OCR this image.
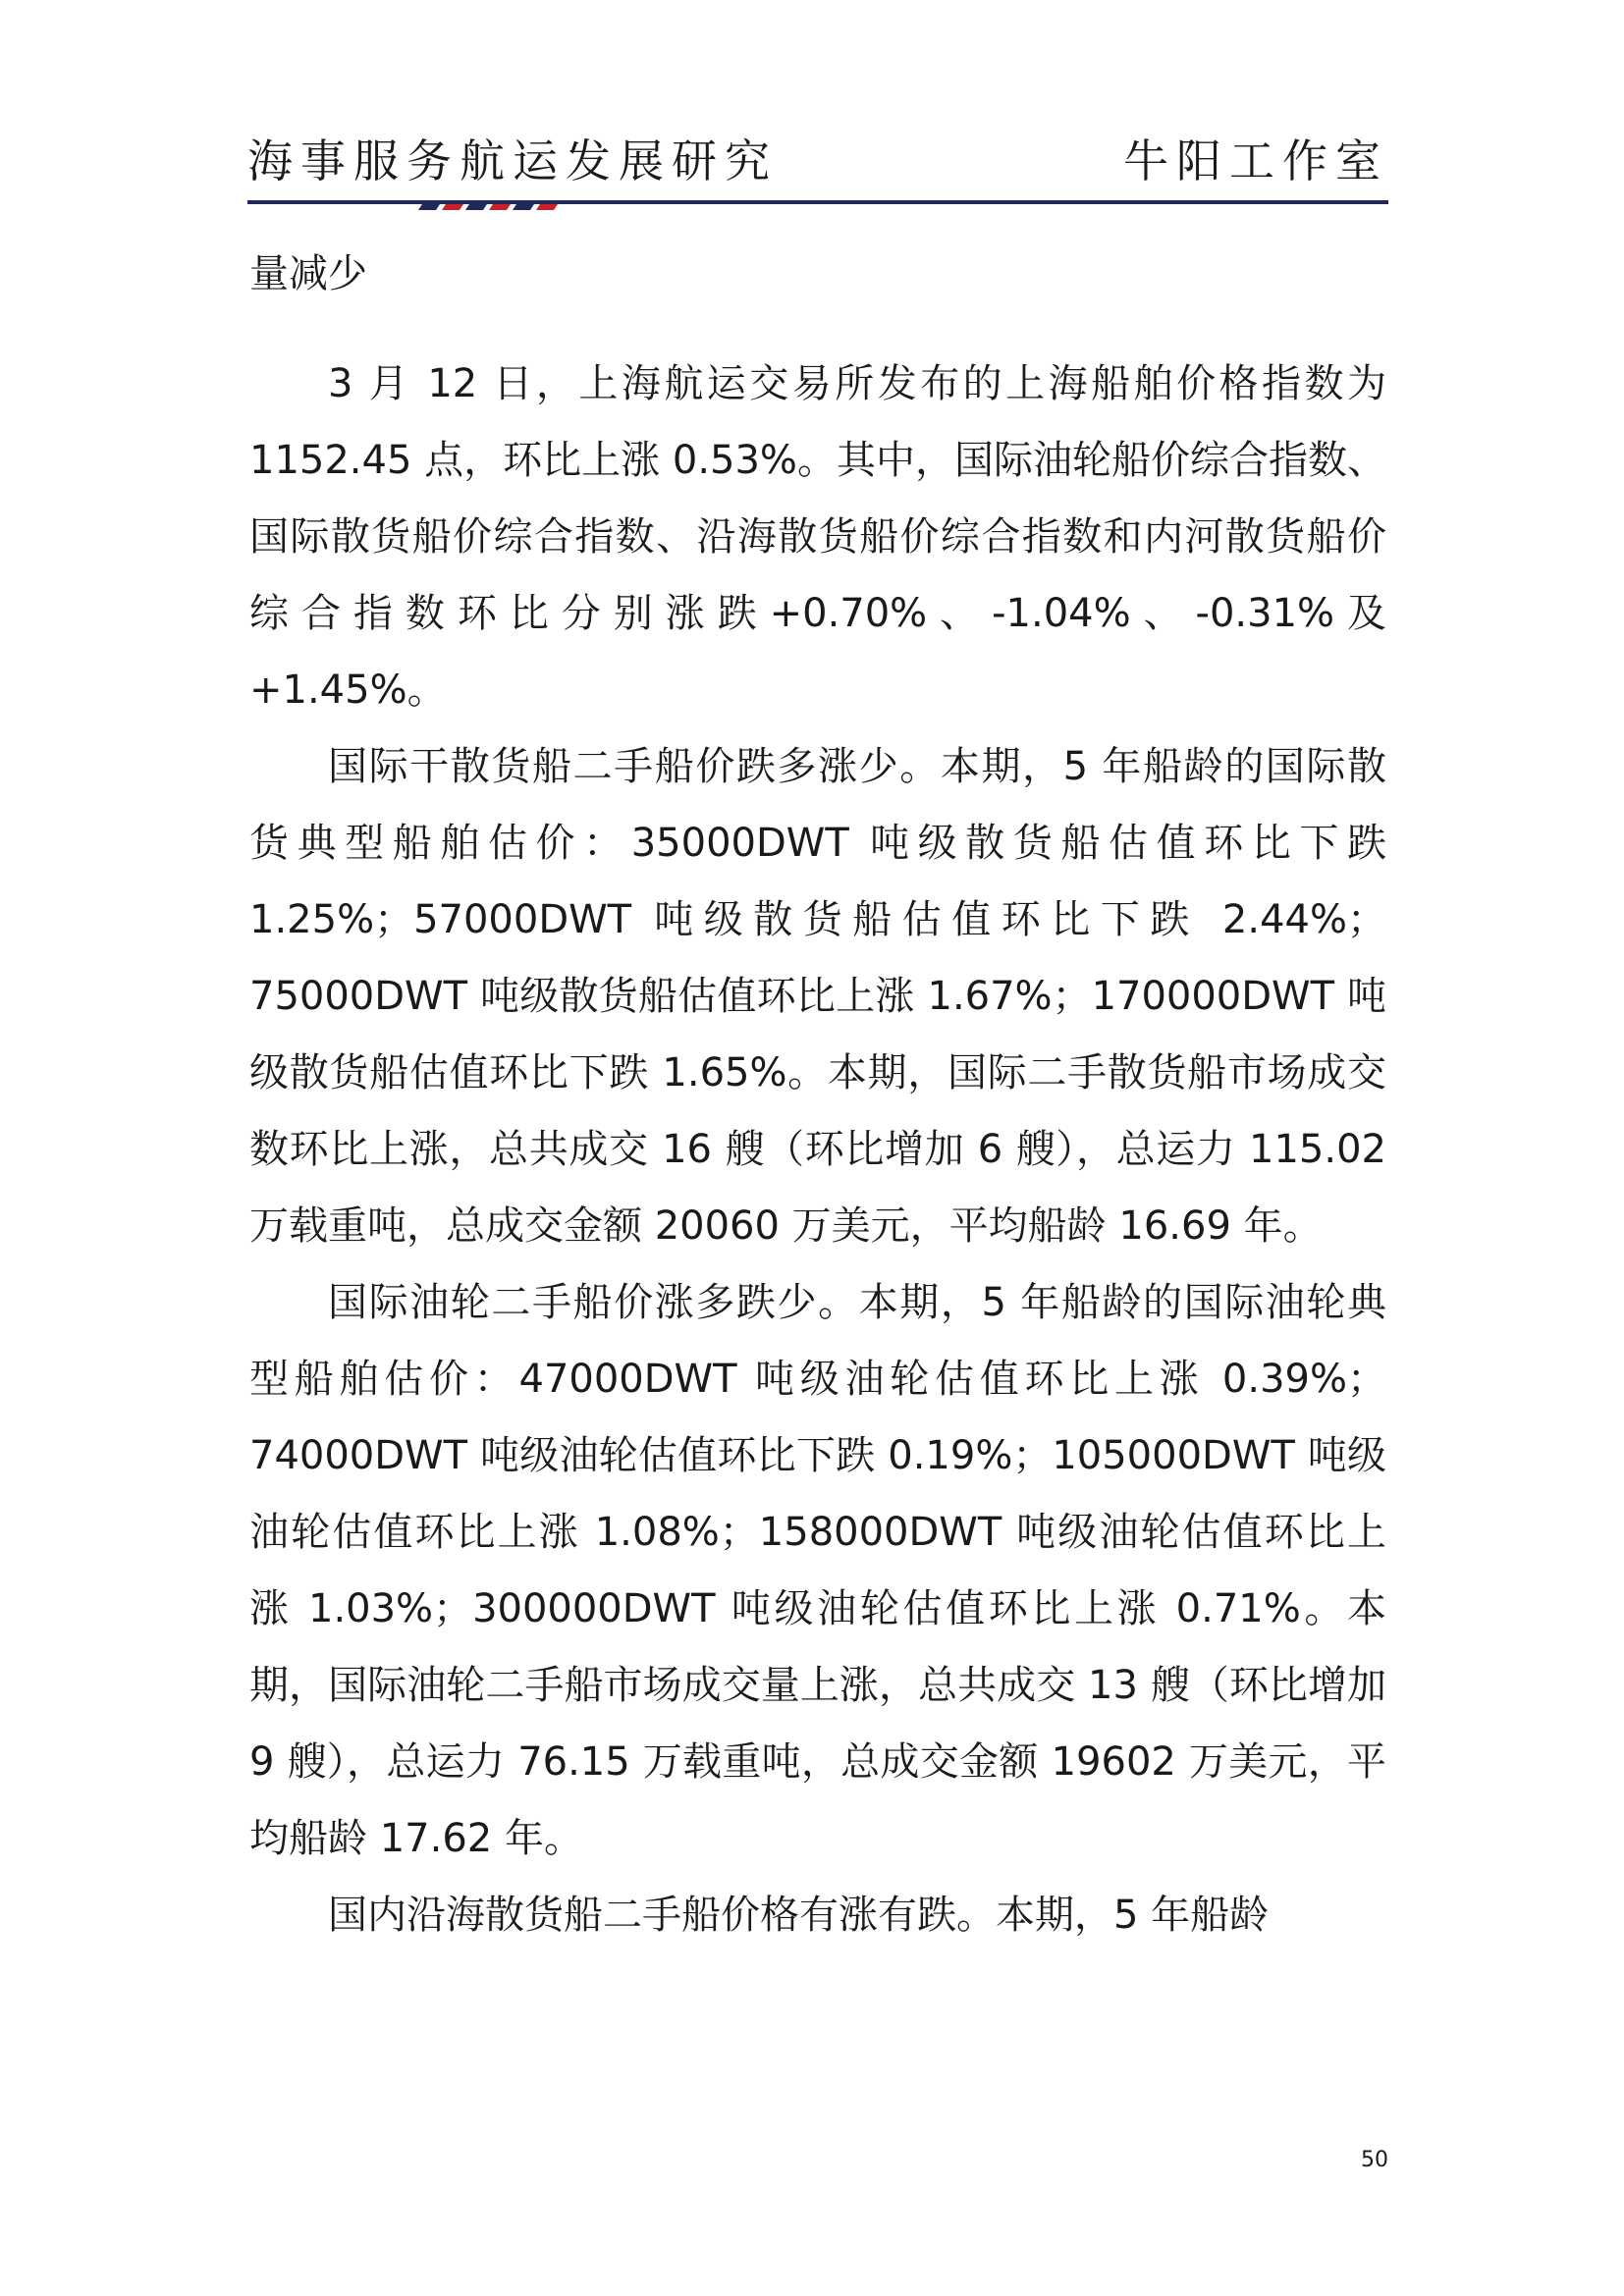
海事服务航运发展研究	牛阳工作室

量减少

3 月 12 日，上海航运交易所发布的上海船舶价格指数为 1152.45 点，环比上涨 0.53%。其中，国际油轮船价综合指数、国际散货船价综合指数、沿海散货船价综合指数和内河散货船价综合指数环比分别涨跌+0.70%、-1.04%、-0.31%及+1.45%。

国际干散货船二手船价跌多涨少。本期，5 年船龄的国际散货典型船舶估价：35000DWT 吨级散货船估值环比下跌 1.25%；57000DWT 吨级散货船估值环比下跌 2.44%；75000DWT 吨级散货船估值环比上涨 1.67%；170000DWT 吨级散货船估值环比下跌 1.65%。本期，国际二手散货船市场成交数环比上涨，总共成交 16 艘（环比增加 6 艘），总运力 115.02 万载重吨，总成交金额 20060 万美元，平均船龄 16.69 年。

国际油轮二手船价涨多跌少。本期，5 年船龄的国际油轮典型船舶估价：47000DWT 吨级油轮估值环比上涨 0.39%；74000DWT 吨级油轮估值环比下跌 0.19%；105000DWT 吨级油轮估值环比上涨 1.08%；158000DWT 吨级油轮估值环比上涨 1.03%；300000DWT 吨级油轮估值环比上涨 0.71%。本期，国际油轮二手船市场成交量上涨，总共成交 13 艘（环比增加 9 艘），总运力 76.15 万载重吨，总成交金额 19602 万美元，平均船龄 17.62 年。

国内沿海散货船二手船价格有涨有跌。本期，5 年船龄

50
